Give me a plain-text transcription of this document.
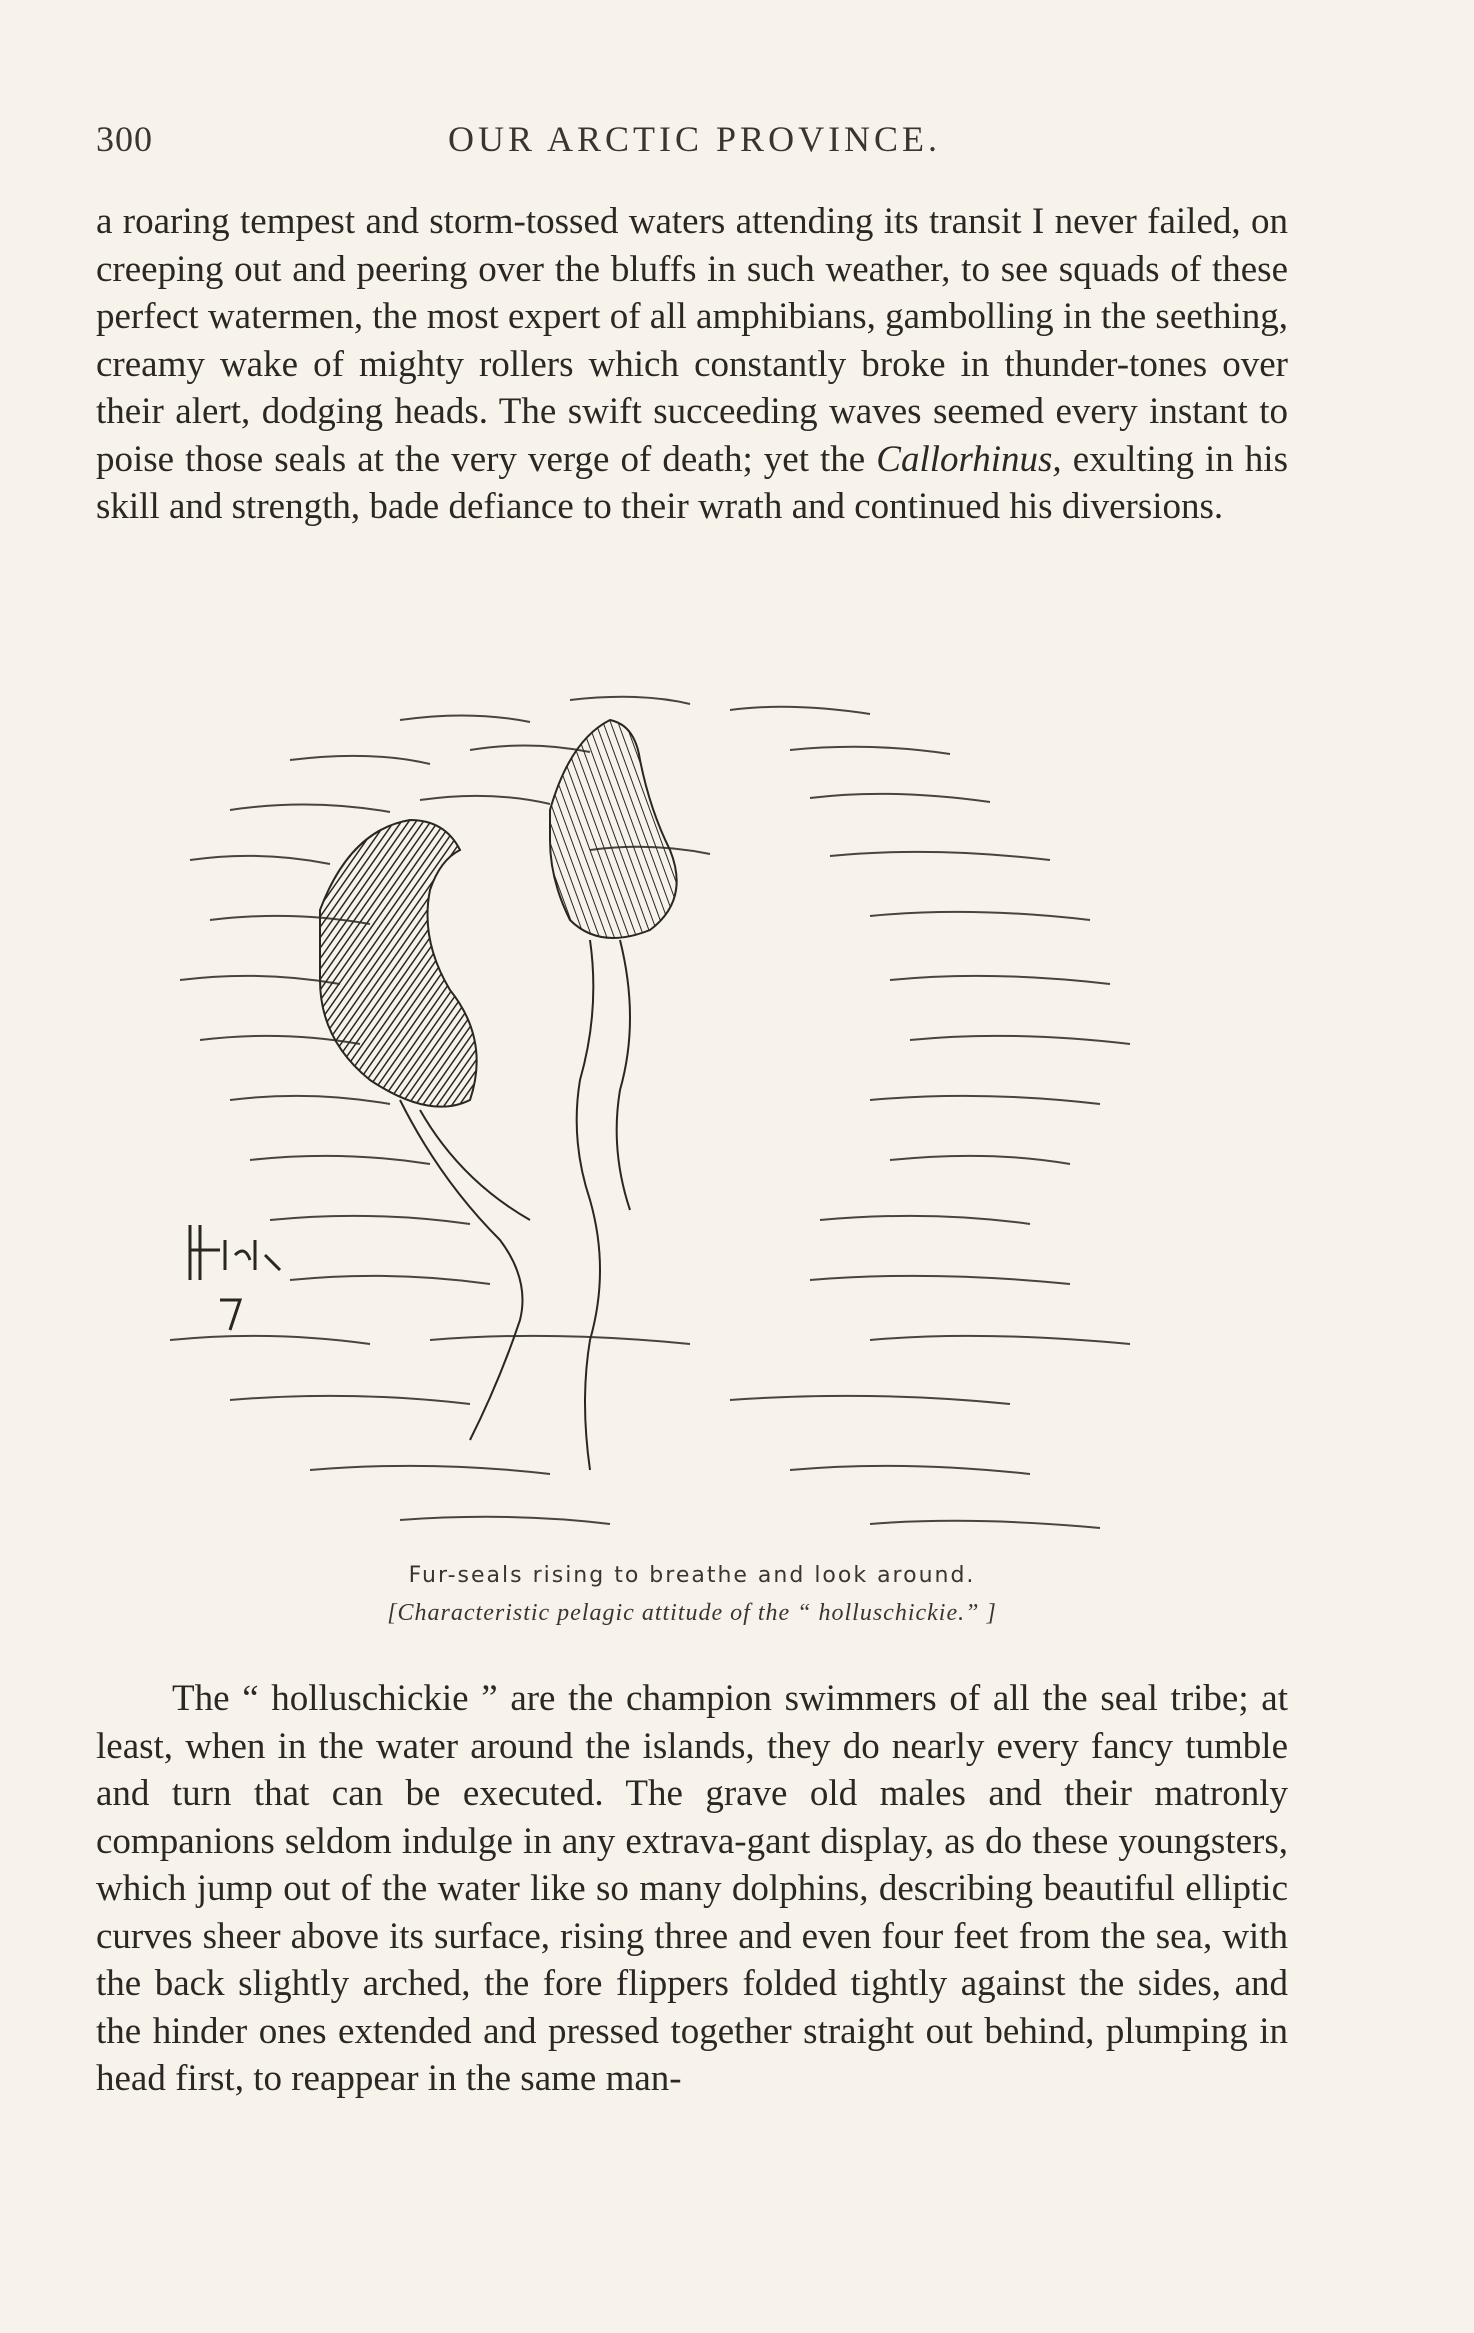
300	OUR ARCTIC PROVINCE.

a roaring tempest and storm-tossed waters attending its transit I never failed, on creeping out and peering over the bluffs in such weather, to see squads of these perfect watermen, the most expert of all amphibians, gambolling in the seething, creamy wake of mighty rollers which constantly broke in thunder-tones over their alert, dodging heads. The swift succeeding waves seemed every instant to poise those seals at the very verge of death; yet the Callorhinus, exulting in his skill and strength, bade defiance to their wrath and continued his diversions.

Fur-seals rising to breathe and look around.

[Characteristic pelagic attitude of the “ holluschickie.” ]

The “ holluschickie ” are the champion swimmers of all the seal tribe; at least, when in the water around the islands, they do nearly every fancy tumble and turn that can be executed. The grave old males and their matronly companions seldom indulge in any extrava-gant display, as do these youngsters, which jump out of the water like so many dolphins, describing beautiful elliptic curves sheer above its surface, rising three and even four feet from the sea, with the back slightly arched, the fore flippers folded tightly against the sides, and the hinder ones extended and pressed together straight out behind, plumping in head first, to reappear in the same man-
